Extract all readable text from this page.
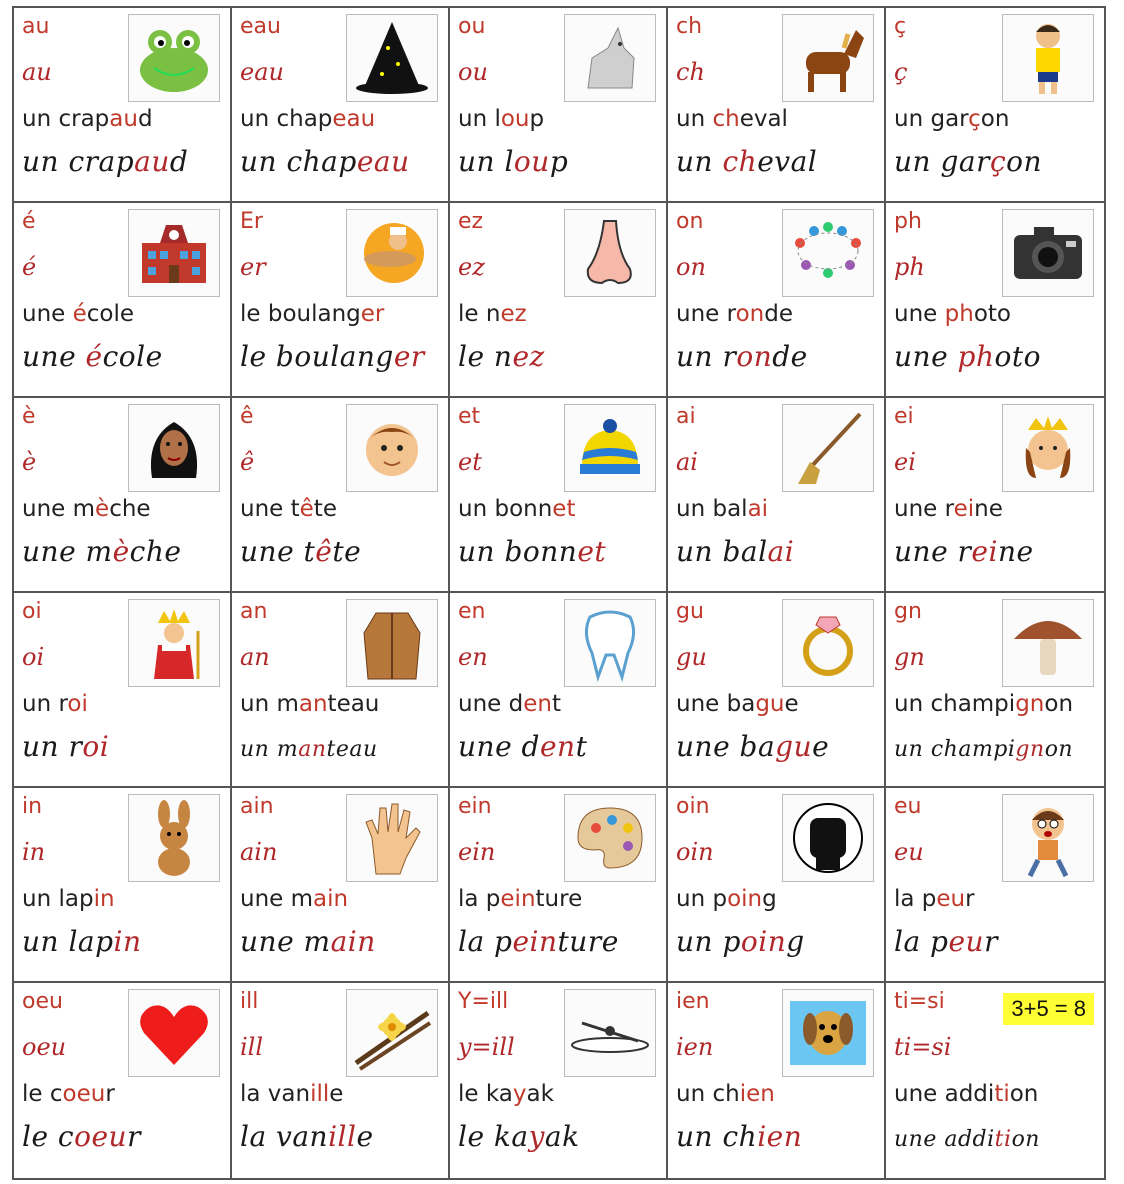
au
au
un crapaud
un crapaud
eau
eau
un chapeau
un chapeau
ou
ou
un loup
un loup
ch
ch
un cheval
un cheval
ç
ç
un garçon
un garçon
é
é
une école
une école
Er
er
le boulanger
le boulanger
ez
ez
le nez
le nez
on
on
une ronde
un ronde
ph
ph
une photo
une photo
è
è
une mèche
une mèche
ê
ê
une tête
une tête
et
et
un bonnet
un bonnet
ai
ai
un balai
un balai
ei
ei
une reine
une reine
oi
oi
un roi
un roi
an
an
un manteau
un manteau
en
en
une dent
une dent
gu
gu
une bague
une bague
gn
gn
un champignon
un champignon
in
in
un lapin
un lapin
ain
ain
une main
une main
ein
ein
la peinture
la peinture
oin
oin
un poing
un poing
eu
eu
la peur
la peur
oeu
oeu
le coeur
le coeur
ill
ill
la vanille
la vanille
Y=ill
y=ill
le kayak
le kayak
ien
ien
un chien
un chien
ti=si
ti=si
3+5 = 8
une addition
une addition
